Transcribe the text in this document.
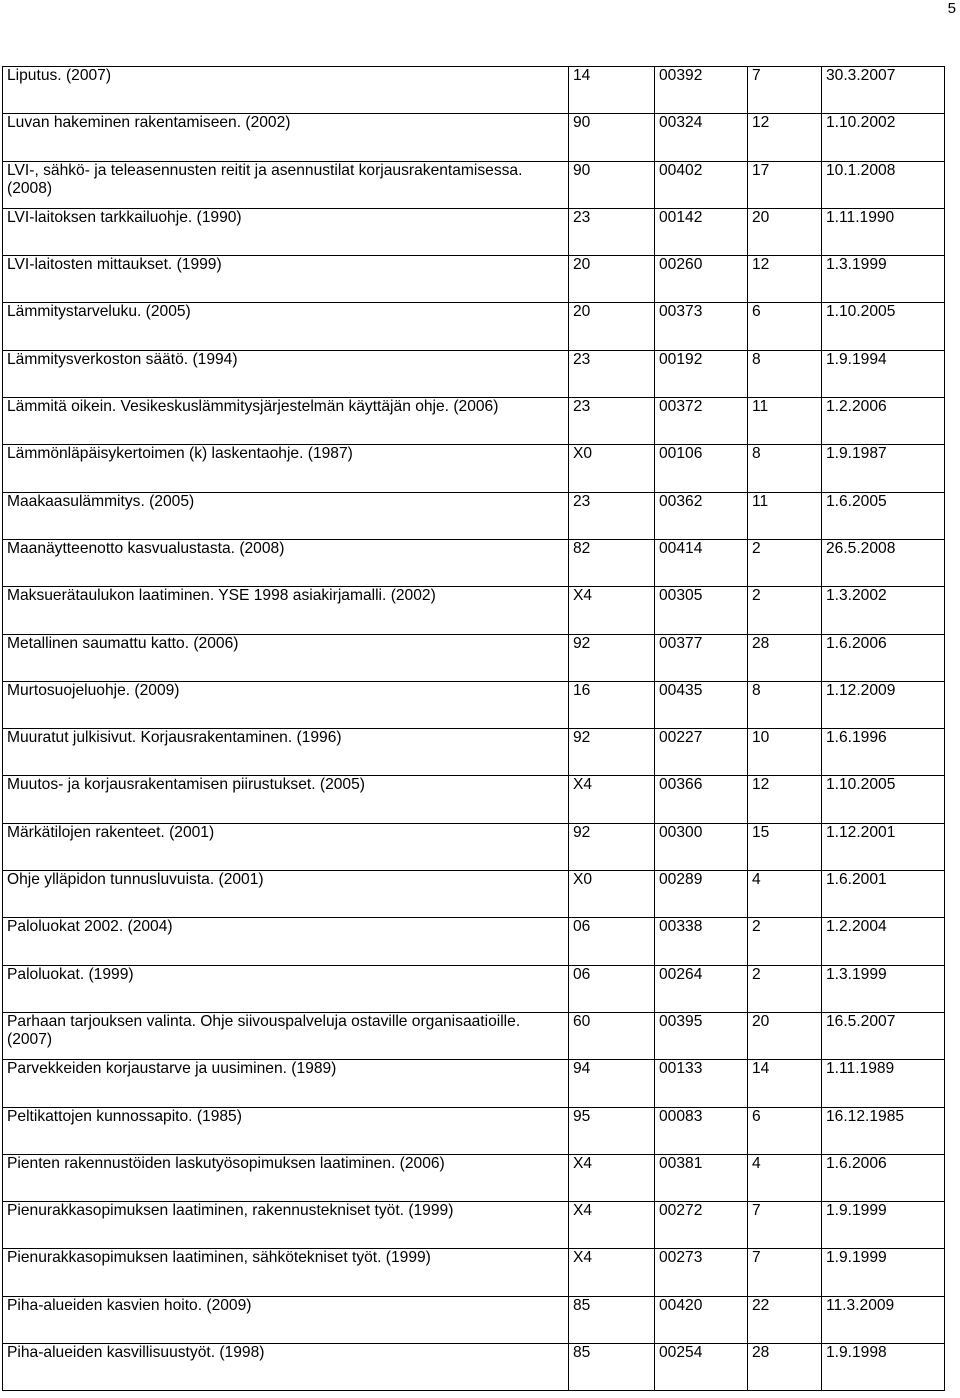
5
Liputus. (2007)	14	00392	7	30.3.2007
Luvan hakeminen rakentamiseen. (2002)	90	00324	12	1.10.2002
LVI-, sähkö- ja teleasennusten reitit ja asennustilat korjausrakentamisessa. (2008)	90	00402	17	10.1.2008
LVI-laitoksen tarkkailuohje. (1990)	23	00142	20	1.11.1990
LVI-laitosten mittaukset. (1999)	20	00260	12	1.3.1999
Lämmitystarveluku. (2005)	20	00373	6	1.10.2005
Lämmitysverkoston säätö. (1994)	23	00192	8	1.9.1994
Lämmitä oikein. Vesikeskuslämmitysjärjestelmän käyttäjän ohje. (2006)	23	00372	11	1.2.2006
Lämmönläpäisykertoimen (k) laskentaohje. (1987)	X0	00106	8	1.9.1987
Maakaasulämmitys. (2005)	23	00362	11	1.6.2005
Maanäytteenotto kasvualustasta. (2008)	82	00414	2	26.5.2008
Maksuerätaulukon laatiminen. YSE 1998 asiakirjamalli. (2002)	X4	00305	2	1.3.2002
Metallinen saumattu katto. (2006)	92	00377	28	1.6.2006
Murtosuojeluohje. (2009)	16	00435	8	1.12.2009
Muuratut julkisivut. Korjausrakentaminen. (1996)	92	00227	10	1.6.1996
Muutos- ja korjausrakentamisen piirustukset. (2005)	X4	00366	12	1.10.2005
Märkätilojen rakenteet. (2001)	92	00300	15	1.12.2001
Ohje ylläpidon tunnusluvuista. (2001)	X0	00289	4	1.6.2001
Paloluokat 2002. (2004)	06	00338	2	1.2.2004
Paloluokat. (1999)	06	00264	2	1.3.1999
Parhaan tarjouksen valinta. Ohje siivouspalveluja ostaville organisaatioille. (2007)	60	00395	20	16.5.2007
Parvekkeiden korjaustarve ja uusiminen. (1989)	94	00133	14	1.11.1989
Peltikattojen kunnossapito. (1985)	95	00083	6	16.12.1985
Pienten rakennustöiden laskutyösopimuksen laatiminen. (2006)	X4	00381	4	1.6.2006
Pienurakkasopimuksen laatiminen, rakennustekniset työt. (1999)	X4	00272	7	1.9.1999
Pienurakkasopimuksen laatiminen, sähkötekniset työt. (1999)	X4	00273	7	1.9.1999
Piha-alueiden kasvien hoito. (2009)	85	00420	22	11.3.2009
Piha-alueiden kasvillisuustyöt. (1998)	85	00254	28	1.9.1998
